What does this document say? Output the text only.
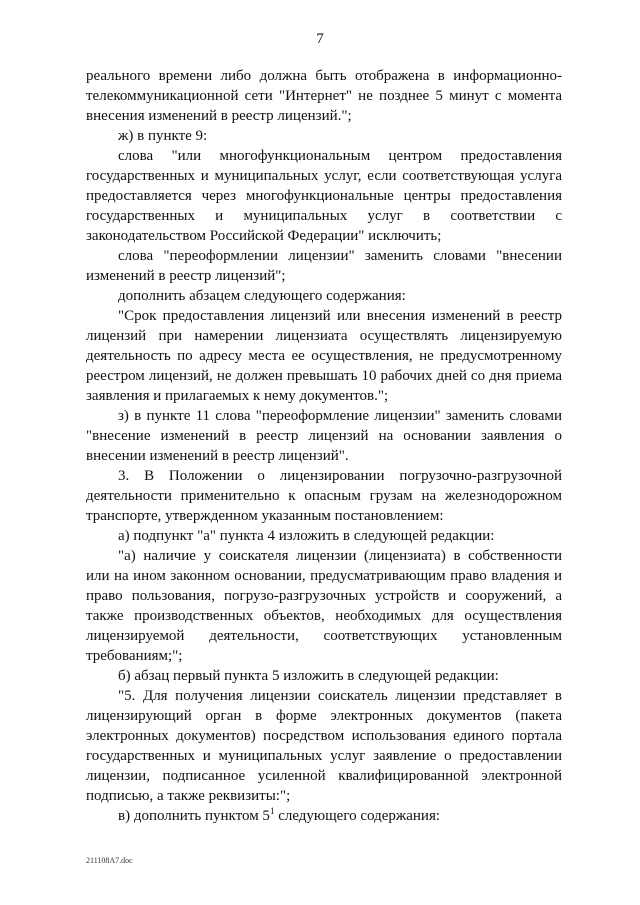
7

реального времени либо должна быть отображена в информационно-телекоммуникационной сети "Интернет" не позднее 5 минут с момента внесения изменений в реестр лицензий.";

ж) в пункте 9:

слова "или многофункциональным центром предоставления государственных и муниципальных услуг, если соответствующая услуга предоставляется через многофункциональные центры предоставления государственных и муниципальных услуг в соответствии с законодательством Российской Федерации" исключить;

слова "переоформлении лицензии" заменить словами "внесении изменений в реестр лицензий";

дополнить абзацем следующего содержания:

"Срок предоставления лицензий или внесения изменений в реестр лицензий при намерении лицензиата осуществлять лицензируемую деятельность по адресу места ее осуществления, не предусмотренному реестром лицензий, не должен превышать 10 рабочих дней со дня приема заявления и прилагаемых к нему документов.";

з) в пункте 11 слова "переоформление лицензии" заменить словами "внесение изменений в реестр лицензий на основании заявления о внесении изменений в реестр лицензий".

3. В Положении о лицензировании погрузочно-разгрузочной деятельности применительно к опасным грузам на железнодорожном транспорте, утвержденном указанным постановлением:

а) подпункт "а" пункта 4 изложить в следующей редакции:

"а) наличие у соискателя лицензии (лицензиата) в собственности или на ином законном основании, предусматривающим право владения и право пользования, погрузо-разгрузочных устройств и сооружений, а также производственных объектов, необходимых для осуществления лицензируемой деятельности, соответствующих установленным требованиям;";

б) абзац первый пункта 5 изложить в следующей редакции:

"5. Для получения лицензии соискатель лицензии представляет в лицензирующий орган в форме электронных документов (пакета электронных документов) посредством использования единого портала государственных и муниципальных услуг заявление о предоставлении лицензии, подписанное усиленной квалифицированной электронной подписью, а также реквизиты:";

в) дополнить пунктом $5^1$ следующего содержания:

211108A7.doc
